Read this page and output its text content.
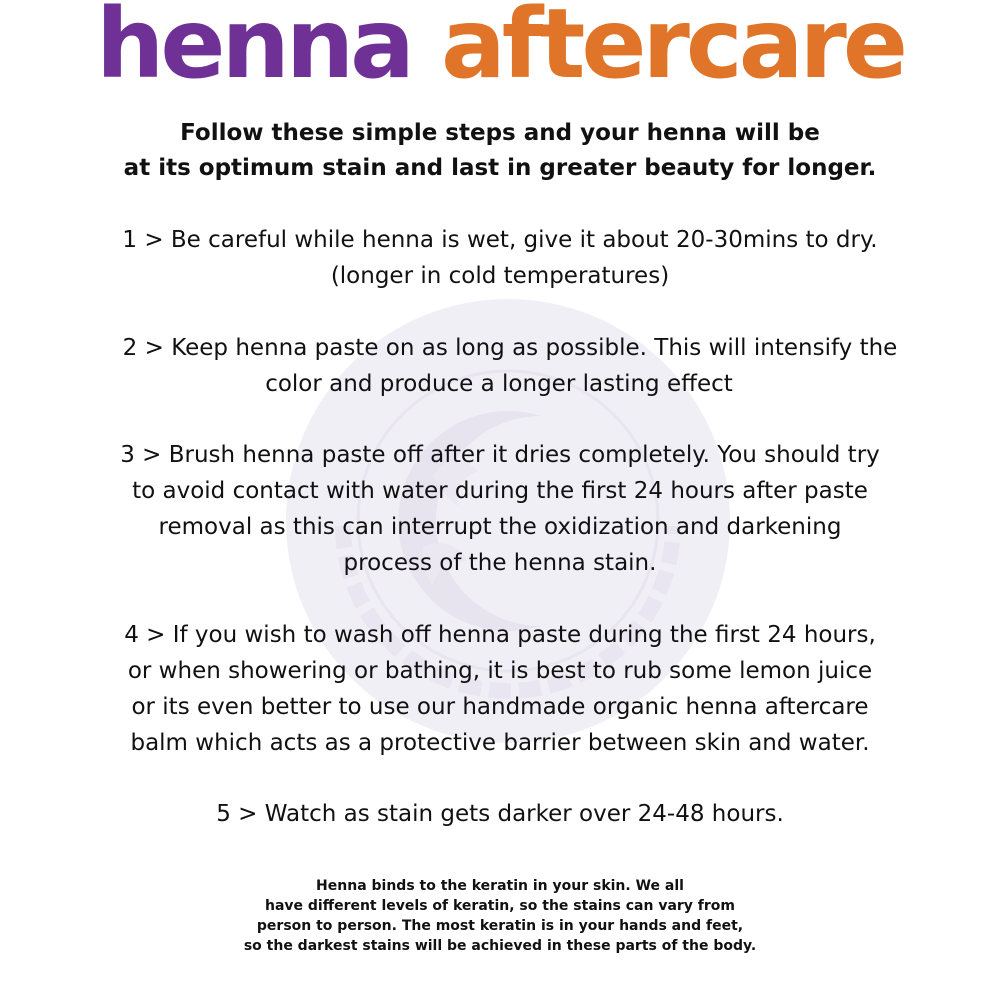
henna aftercare
Follow these simple steps and your henna will be
at its optimum stain and last in greater beauty for longer.
1 > Be careful while henna is wet, give it about 20-30mins to dry.
(longer in cold temperatures)
2 > Keep henna paste on as long as possible. This will intensify the
color and produce a longer lasting effect
3 > Brush henna paste off after it dries completely. You should try
to avoid contact with water during the first 24 hours after paste
removal as this can interrupt the oxidization and darkening
process of the henna stain.
4 > If you wish to wash off henna paste during the first 24 hours,
or when showering or bathing, it is best to rub some lemon juice
or its even better to use our handmade organic henna aftercare
balm which acts as a protective barrier between skin and water.
5 > Watch as stain gets darker over 24-48 hours.
Henna binds to the keratin in your skin. We all
have different levels of keratin, so the stains can vary from
person to person. The most keratin is in your hands and feet,
so the darkest stains will be achieved in these parts of the body.
